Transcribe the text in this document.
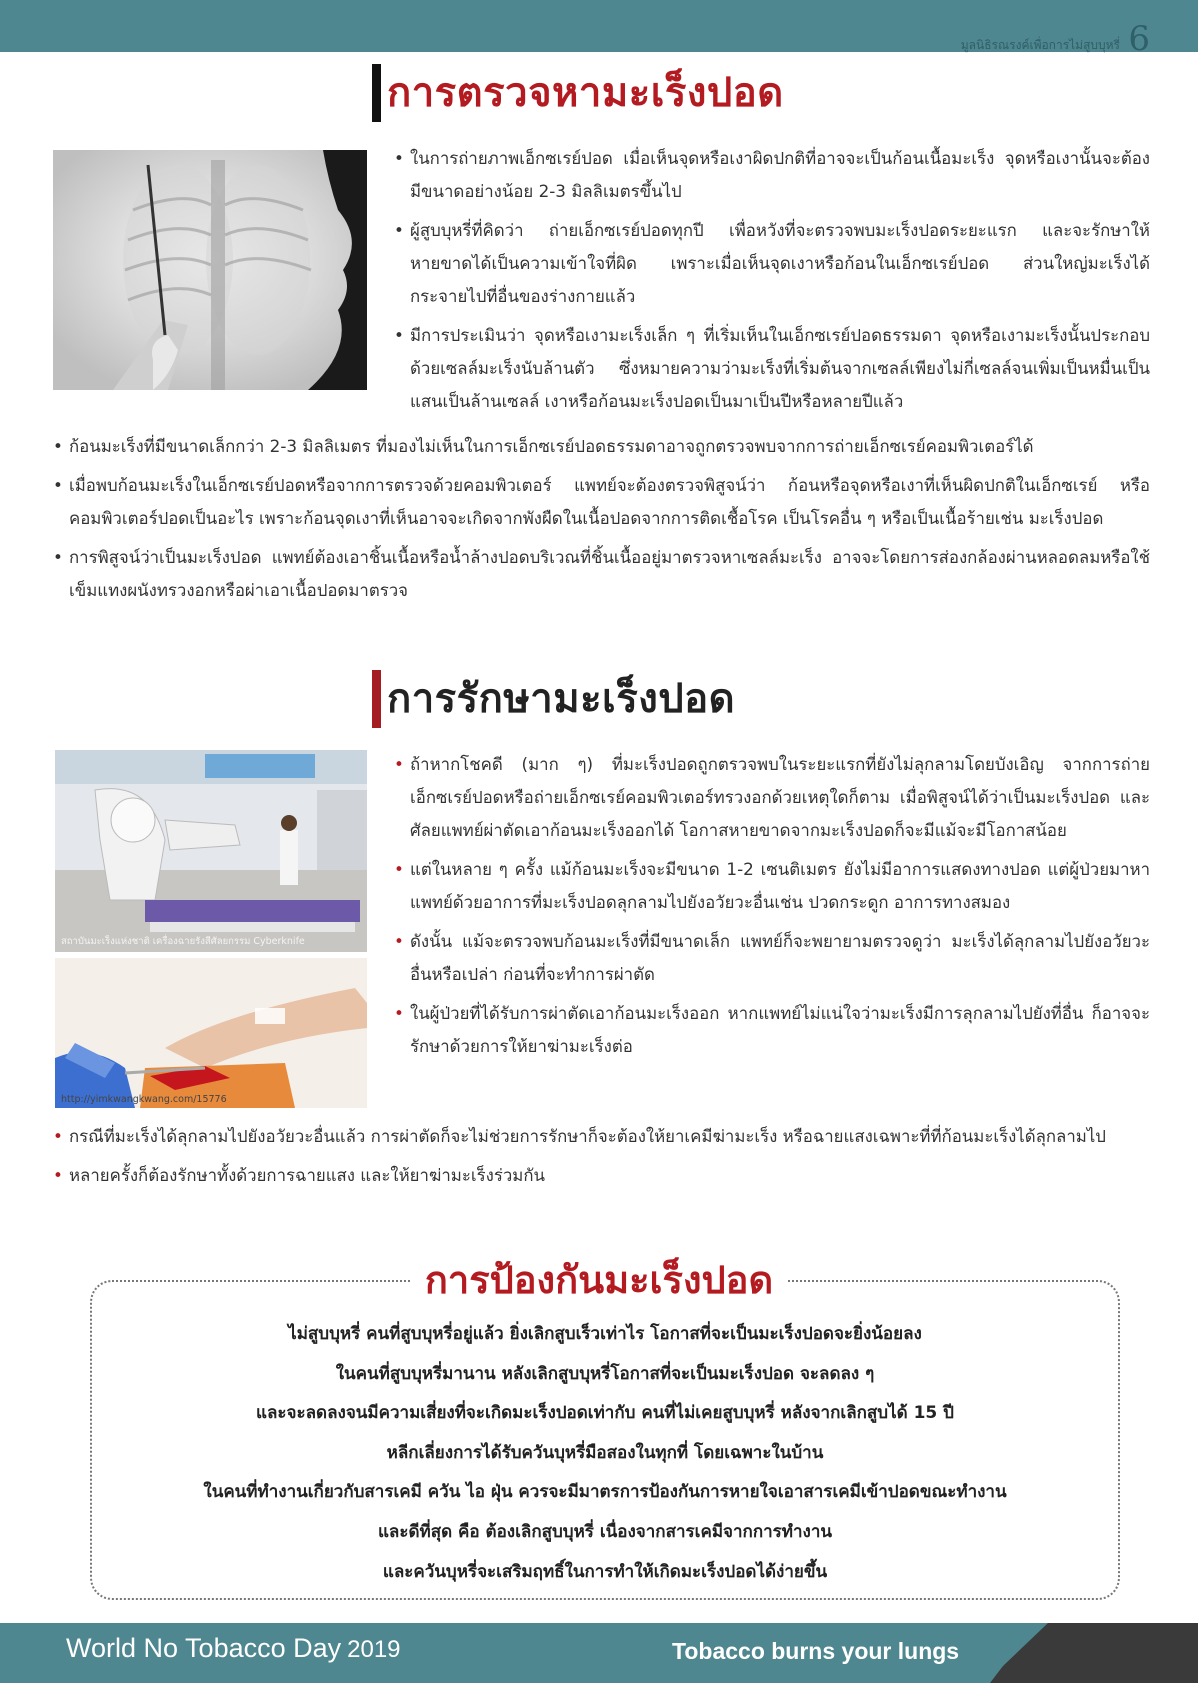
มูลนิธิรณรงค์เพื่อการไม่สูบบุหรี่ 6
การตรวจหามะเร็งปอด
• ในการถ่ายภาพเอ็กซเรย์ปอด เมื่อเห็นจุดหรือเงาผิดปกติที่อาจจะเป็นก้อนเนื้อมะเร็ง จุดหรือเงานั้นจะต้องมีขนาดอย่างน้อย 2-3 มิลลิเมตรขึ้นไป
• ผู้สูบบุหรี่ที่คิดว่า ถ่ายเอ็กซเรย์ปอดทุกปี เพื่อหวังที่จะตรวจพบมะเร็งปอดระยะแรก และจะรักษาให้หายขาดได้เป็นความเข้าใจที่ผิด เพราะเมื่อเห็นจุดเงาหรือก้อนในเอ็กซเรย์ปอด ส่วนใหญ่มะเร็งได้กระจายไปที่อื่นของร่างกายแล้ว
• มีการประเมินว่า จุดหรือเงามะเร็งเล็ก ๆ ที่เริ่มเห็นในเอ็กซเรย์ปอดธรรมดา จุดหรือเงามะเร็งนั้นประกอบด้วยเซลล์มะเร็งนับล้านตัว ซึ่งหมายความว่ามะเร็งที่เริ่มต้นจากเซลล์เพียงไม่กี่เซลล์จนเพิ่มเป็นหมื่นเป็นแสนเป็นล้านเซลล์ เงาหรือก้อนมะเร็งปอดเป็นมาเป็นปีหรือหลายปีแล้ว
• ก้อนมะเร็งที่มีขนาดเล็กกว่า 2-3 มิลลิเมตร ที่มองไม่เห็นในการเอ็กซเรย์ปอดธรรมดาอาจถูกตรวจพบจากการถ่ายเอ็กซเรย์คอมพิวเตอร์ได้
• เมื่อพบก้อนมะเร็งในเอ็กซเรย์ปอดหรือจากการตรวจด้วยคอมพิวเตอร์ แพทย์จะต้องตรวจพิสูจน์ว่า ก้อนหรือจุดหรือเงาที่เห็นผิดปกติในเอ็กซเรย์ หรือคอมพิวเตอร์ปอดเป็นอะไร เพราะก้อนจุดเงาที่เห็นอาจจะเกิดจากพังผืดในเนื้อปอดจากการติดเชื้อโรค เป็นโรคอื่น ๆ หรือเป็นเนื้อร้ายเช่น มะเร็งปอด
• การพิสูจน์ว่าเป็นมะเร็งปอด แพทย์ต้องเอาชิ้นเนื้อหรือน้ำล้างปอดบริเวณที่ชิ้นเนื้ออยู่มาตรวจหาเซลล์มะเร็ง อาจจะโดยการส่องกล้องผ่านหลอดลมหรือใช้เข็มแทงผนังทรวงอกหรือผ่าเอาเนื้อปอดมาตรวจ
การรักษามะเร็งปอด
สถาบันมะเร็งแห่งชาติ เครื่องฉายรังสีศัลยกรรม Cyberknife
http://yimkwangkwang.com/15776
• ถ้าหากโชคดี (มาก ๆ) ที่มะเร็งปอดถูกตรวจพบในระยะแรกที่ยังไม่ลุกลามโดยบังเอิญ จากการถ่ายเอ็กซเรย์ปอดหรือถ่ายเอ็กซเรย์คอมพิวเตอร์ทรวงอกด้วยเหตุใดก็ตาม เมื่อพิสูจน์ได้ว่าเป็นมะเร็งปอด และศัลยแพทย์ผ่าตัดเอาก้อนมะเร็งออกได้ โอกาสหายขาดจากมะเร็งปอดก็จะมีแม้จะมีโอกาสน้อย
• แต่ในหลาย ๆ ครั้ง แม้ก้อนมะเร็งจะมีขนาด 1-2 เซนติเมตร ยังไม่มีอาการแสดงทางปอด แต่ผู้ป่วยมาหาแพทย์ด้วยอาการที่มะเร็งปอดลุกลามไปยังอวัยวะอื่นเช่น ปวดกระดูก อาการทางสมอง
• ดังนั้น แม้จะตรวจพบก้อนมะเร็งที่มีขนาดเล็ก แพทย์ก็จะพยายามตรวจดูว่า มะเร็งได้ลุกลามไปยังอวัยวะอื่นหรือเปล่า ก่อนที่จะทำการผ่าตัด
• ในผู้ป่วยที่ได้รับการผ่าตัดเอาก้อนมะเร็งออก หากแพทย์ไม่แน่ใจว่ามะเร็งมีการลุกลามไปยังที่อื่น ก็อาจจะรักษาด้วยการให้ยาฆ่ามะเร็งต่อ
• กรณีที่มะเร็งได้ลุกลามไปยังอวัยวะอื่นแล้ว การผ่าตัดก็จะไม่ช่วยการรักษาก็จะต้องให้ยาเคมีฆ่ามะเร็ง หรือฉายแสงเฉพาะที่ที่ก้อนมะเร็งได้ลุกลามไป
• หลายครั้งก็ต้องรักษาทั้งด้วยการฉายแสง และให้ยาฆ่ามะเร็งร่วมกัน
การป้องกันมะเร็งปอด

ไม่สูบบุหรี่ คนที่สูบบุหรี่อยู่แล้ว ยิ่งเลิกสูบเร็วเท่าไร โอกาสที่จะเป็นมะเร็งปอดจะยิ่งน้อยลง

ในคนที่สูบบุหรี่มานาน หลังเลิกสูบบุหรี่โอกาสที่จะเป็นมะเร็งปอด จะลดลง ๆ

และจะลดลงจนมีความเสี่ยงที่จะเกิดมะเร็งปอดเท่ากับ คนที่ไม่เคยสูบบุหรี่ หลังจากเลิกสูบได้ 15 ปี

หลีกเลี่ยงการได้รับควันบุหรี่มือสองในทุกที่ โดยเฉพาะในบ้าน

ในคนที่ทำงานเกี่ยวกับสารเคมี ควัน ไอ ฝุ่น ควรจะมีมาตรการป้องกันการหายใจเอาสารเคมีเข้าปอดขณะทำงาน

และดีที่สุด คือ ต้องเลิกสูบบุหรี่ เนื่องจากสารเคมีจากการทำงาน

และควันบุหรี่จะเสริมฤทธิ์ในการทำให้เกิดมะเร็งปอดได้ง่ายขึ้น

World No Tobacco Day 2019	Tobacco burns your lungs
